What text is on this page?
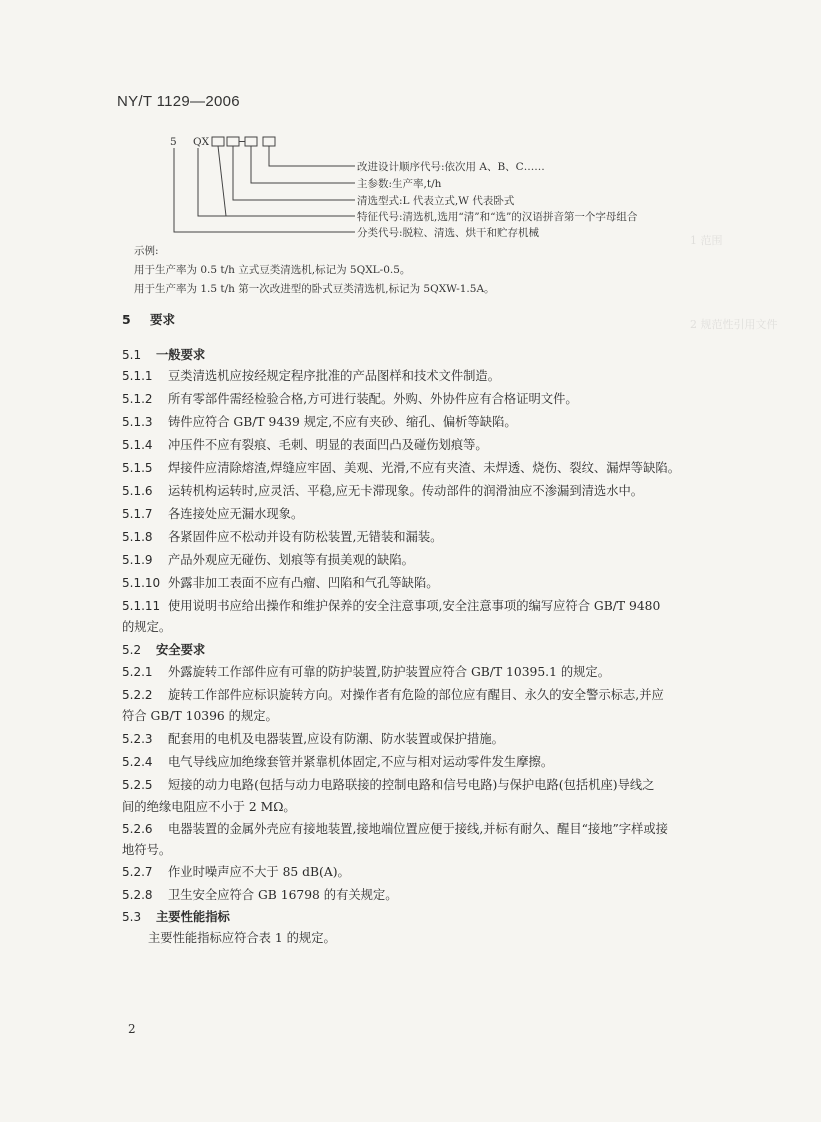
NY/T 1129—2006
1 范围
2 规范性引用文件
5 QX
改进设计顺序代号:依次用 A、B、C……
主参数:生产率,t/h
清选型式:L 代表立式,W 代表卧式
特征代号:清选机,选用“清”和“选”的汉语拼音第一个字母组合
分类代号:脱粒、清选、烘干和贮存机械
示例:
用于生产率为 0.5 t/h 立式豆类清选机,标记为 5QXL-0.5。
用于生产率为 1.5 t/h 第一次改进型的卧式豆类清选机,标记为 5QXW-1.5A。
5 要求
5.1 一般要求
5.1.1 豆类清选机应按经规定程序批准的产品图样和技术文件制造。
5.1.2 所有零部件需经检验合格,方可进行装配。外购、外协件应有合格证明文件。
5.1.3 铸件应符合 GB/T 9439 规定,不应有夹砂、缩孔、偏析等缺陷。
5.1.4 冲压件不应有裂痕、毛刺、明显的表面凹凸及碰伤划痕等。
5.1.5 焊接件应清除熔渣,焊缝应牢固、美观、光滑,不应有夹渣、未焊透、烧伤、裂纹、漏焊等缺陷。
5.1.6 运转机构运转时,应灵活、平稳,应无卡滞现象。传动部件的润滑油应不渗漏到清选水中。
5.1.7 各连接处应无漏水现象。
5.1.8 各紧固件应不松动并设有防松装置,无错装和漏装。
5.1.9 产品外观应无碰伤、划痕等有损美观的缺陷。
5.1.10 外露非加工表面不应有凸瘤、凹陷和气孔等缺陷。
5.1.11 使用说明书应给出操作和维护保养的安全注意事项,安全注意事项的编写应符合 GB/T 9480
的规定。
5.2 安全要求
5.2.1 外露旋转工作部件应有可靠的防护装置,防护装置应符合 GB/T 10395.1 的规定。
5.2.2 旋转工作部件应标识旋转方向。对操作者有危险的部位应有醒目、永久的安全警示标志,并应
符合 GB/T 10396 的规定。
5.2.3 配套用的电机及电器装置,应设有防潮、防水装置或保护措施。
5.2.4 电气导线应加绝缘套管并紧靠机体固定,不应与相对运动零件发生摩擦。
5.2.5 短接的动力电路(包括与动力电路联接的控制电路和信号电路)与保护电路(包括机座)导线之
间的绝缘电阻应不小于 2 MΩ。
5.2.6 电器装置的金属外壳应有接地装置,接地端位置应便于接线,并标有耐久、醒目“接地”字样或接
地符号。
5.2.7 作业时噪声应不大于 85 dB(A)。
5.2.8 卫生安全应符合 GB 16798 的有关规定。
5.3 主要性能指标
主要性能指标应符合表 1 的规定。
2
